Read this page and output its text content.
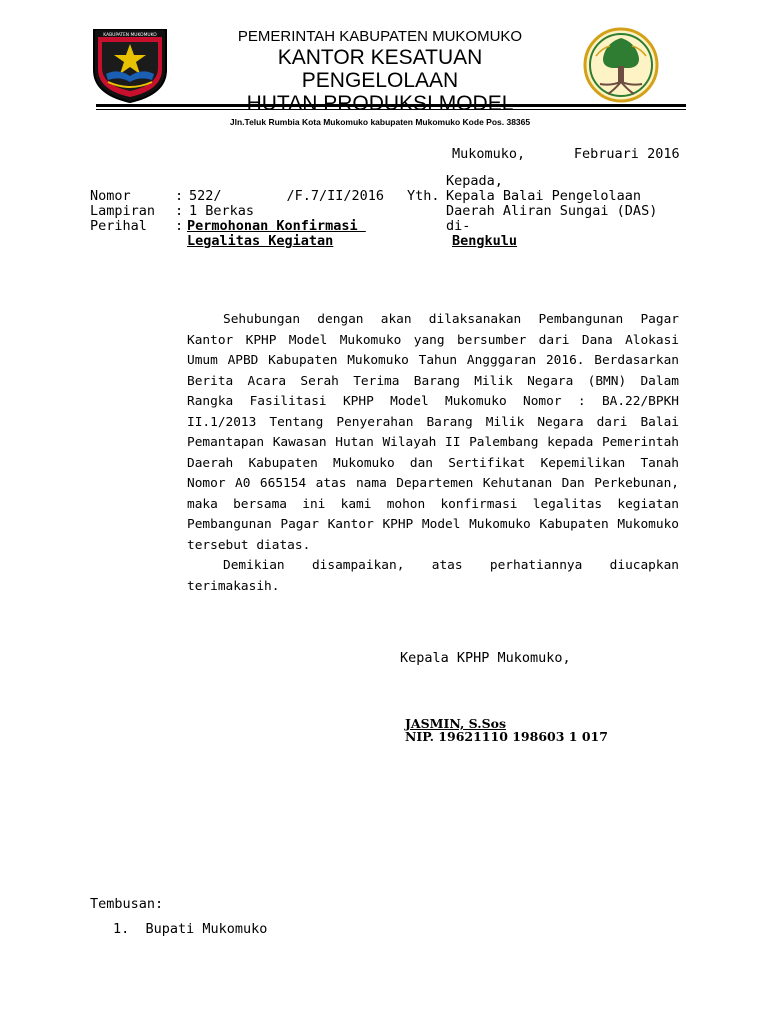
KABUPATEN MUKOMUKO	PEMERINTAH KABUPATEN MUKOMUKO
KANTOR KESATUAN
PENGELOLAAN
Jln.Teluk Rumbia Kota Mukomuko kabupaten Mukomuko Kode Pos. 38365
Mukomuko,      Februari 2016
Kepada,
Yth. Kepala Balai Pengelolaan
Daerah Aliran Sungai (DAS)
di-
Bengkulu
Nomor	: 522/        /F.7/II/2016
Lampiran : 1 Berkas
Perihal : Permohonan Konfirmasi
Legalitas Kegiatan

Sehubungan dengan akan dilaksanakan Pembangunan Pagar Kantor KPHP Model Mukomuko yang bersumber dari Dana Alokasi Umum APBD Kabupaten Mukomuko Tahun Angggaran 2016. Berdasarkan Berita Acara Serah Terima Barang Milik Negara (BMN) Dalam Rangka Fasilitasi KPHP Model Mukomuko Nomor : BA.22/BPKH II.1/2013 Tentang Penyerahan Barang Milik Negara dari Balai Pemantapan Kawasan Hutan Wilayah II Palembang kepada Pemerintah Daerah Kabupaten Mukomuko dan Sertifikat Kepemilikan Tanah Nomor A0 665154 atas nama Departemen Kehutanan Dan Perkebunan, maka bersama ini kami mohon konfirmasi legalitas kegiatan Pembangunan Pagar Kantor KPHP Model Mukomuko Kabupaten Mukomuko tersebut diatas.

Demikian disampaikan, atas perhatiannya diucapkan

terimakasih.

Kepala KPHP Mukomuko,
JASMIN, S.Sos
NIP. 19621110 198603 1 017
Tembusan:
1.  Bupati Mukomuko
